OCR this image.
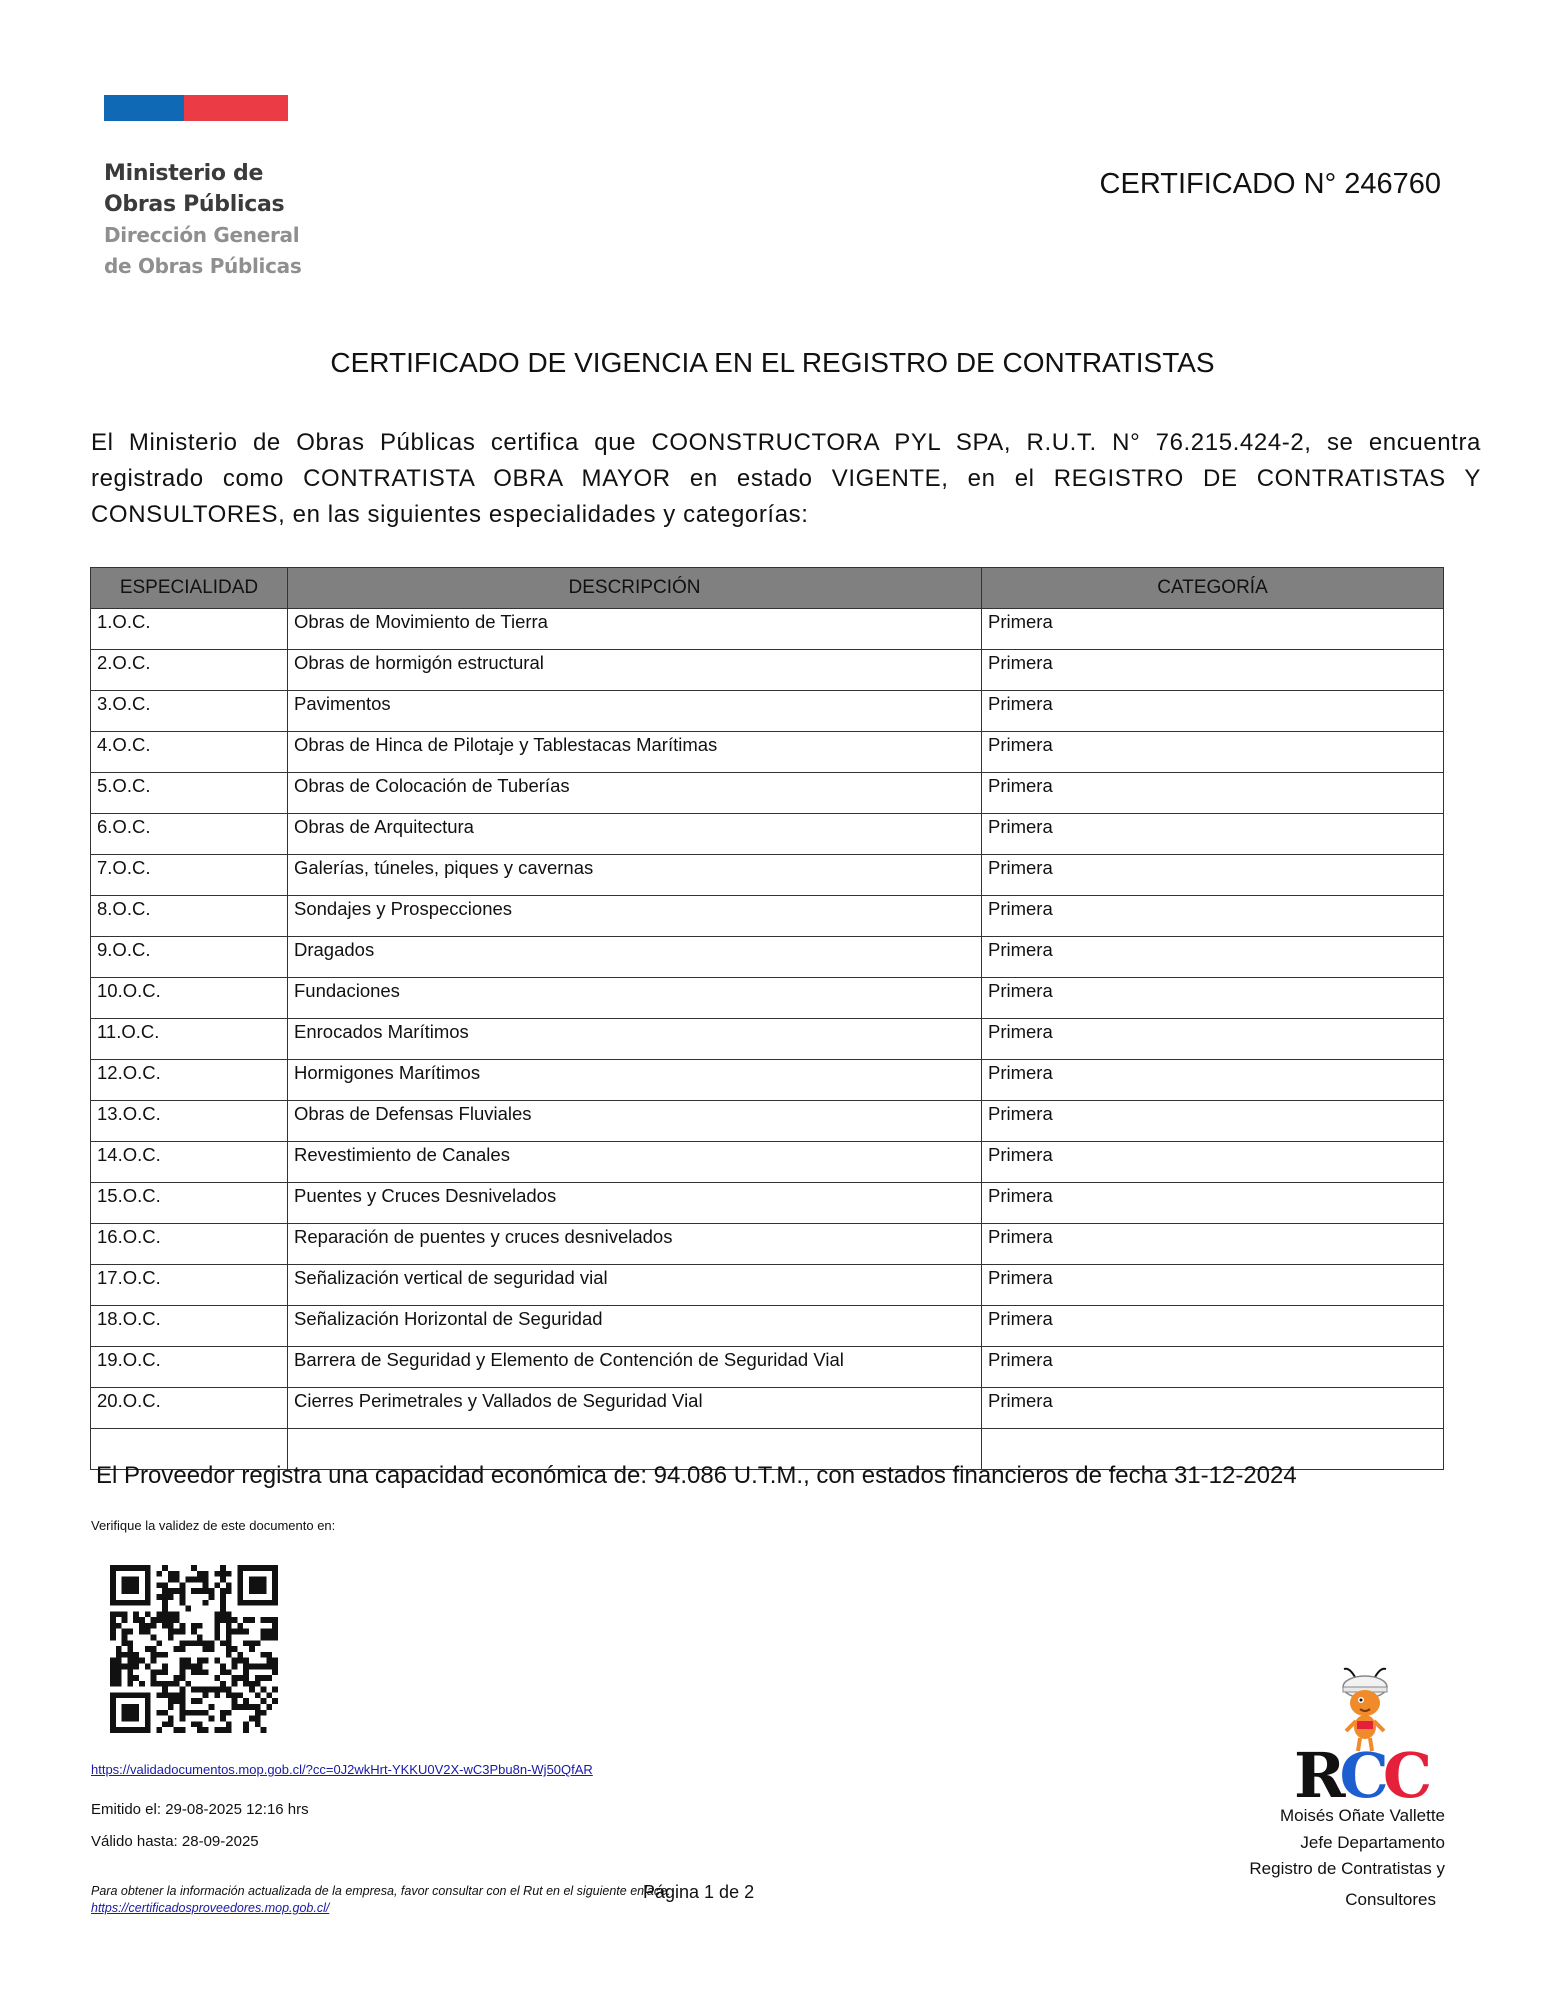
Ministerio de
Obras Públicas
Dirección General
de Obras Públicas
CERTIFICADO N° 246760
CERTIFICADO DE VIGENCIA EN EL REGISTRO DE CONTRATISTAS
El Ministerio de Obras Públicas certifica que COONSTRUCTORA PYL SPA, R.U.T. N° 76.215.424-2, se encuentra registrado como CONTRATISTA OBRA MAYOR en estado VIGENTE, en el REGISTRO DE CONTRATISTAS Y CONSULTORES, en las siguientes especialidades y categorías:
ESPECIALIDAD	DESCRIPCIÓN	CATEGORÍA
1.O.C.	Obras de Movimiento de Tierra	Primera
2.O.C.	Obras de hormigón estructural	Primera
3.O.C.	Pavimentos	Primera
4.O.C.	Obras de Hinca de Pilotaje y Tablestacas Marítimas	Primera
5.O.C.	Obras de Colocación de Tuberías	Primera
6.O.C.	Obras de Arquitectura	Primera
7.O.C.	Galerías, túneles, piques y cavernas	Primera
8.O.C.	Sondajes y Prospecciones	Primera
9.O.C.	Dragados	Primera
10.O.C.	Fundaciones	Primera
11.O.C.	Enrocados Marítimos	Primera
12.O.C.	Hormigones Marítimos	Primera
13.O.C.	Obras de Defensas Fluviales	Primera
14.O.C.	Revestimiento de Canales	Primera
15.O.C.	Puentes y Cruces Desnivelados	Primera
16.O.C.	Reparación de puentes y cruces desnivelados	Primera
17.O.C.	Señalización vertical de seguridad vial	Primera
18.O.C.	Señalización Horizontal de Seguridad	Primera
19.O.C.	Barrera de Seguridad y Elemento de Contención de Seguridad Vial	Primera
20.O.C.	Cierres Perimetrales y Vallados de Seguridad Vial	Primera

El Proveedor registra una capacidad económica de: 94.086 U.T.M., con estados financieros de fecha 31-12-2024
Verifique la validez de este documento en:
https://validadocumentos.mop.gob.cl/?cc=0J2wkHrt-YKKU0V2X-wC3Pbu8n-Wj50QfAR
Emitido el: 29-08-2025 12:16 hrs
Válido hasta: 28-09-2025
Para obtener la información actualizada de la empresa, favor consultar con el Rut en el siguiente enlace:
https://certificadosproveedores.mop.gob.cl/
Página 1 de 2
RCC
Moisés Oñate Vallette
Jefe Departamento
Registro de Contratistas y
Consultores
